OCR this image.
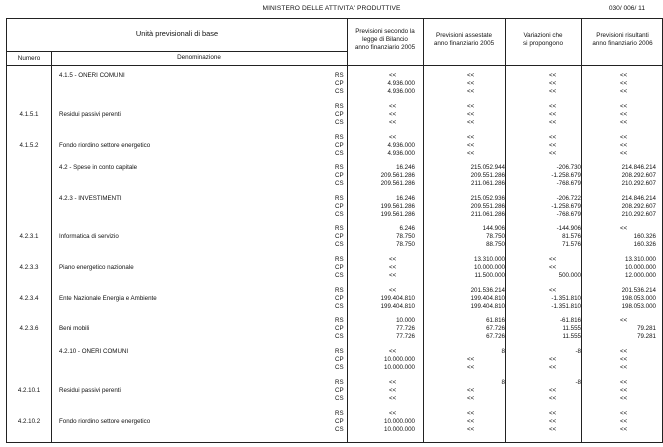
MINISTERO DELLE ATTIVITA' PRODUTTIVE	030/ 006/ 11
Unità previsionali di base
Numero	Denominazione
Previsioni secondo la
legge di Bilancio
anno finanziario 2005
Previsioni assestate
anno finanziario 2005
Variazioni che
si propongono
Previsioni risultanti
anno finanziario 2006
4.1.5 - ONERI COMUNI	RS	<<	<<	<<	<<
CP	4.936.000	<<	<<	<<
CS	4.936.000	<<	<<	<<
4.1.5.1	Residui passivi perenti
RS	<<	<<	<<	<<
CP	<<	<<	<<	<<
CS	<<	<<	<<	<<
4.1.5.2	Fondo riordino settore energetico
RS	<<	<<	<<	<<
CP	4.936.000	<<	<<	<<
CS	4.936.000	<<	<<	<<
4.2 - Spese in conto capitale	RS	16.246	215.052.944	-206.730	214.846.214
CP	209.561.286	209.551.286	-1.258.679	208.292.607
CS	209.561.286	211.061.286	-768.679	210.292.607
4.2.3 - INVESTIMENTI	RS	16.246	215.052.936	-206.722	214.846.214
CP	199.561.286	209.551.286	-1.258.679	208.292.607
CS	199.561.286	211.061.286	-768.679	210.292.607
4.2.3.1	Informatica di servizio
RS	6.246	144.906	-144.906	<<
CP	78.750	78.750	81.576	160.326
CS	78.750	88.750	71.576	160.326
4.2.3.3	Piano energetico nazionale
RS	<<	13.310.000	<<	13.310.000
CP	<<	10.000.000	<<	10.000.000
CS	<<	11.500.000	500.000	12.000.000
4.2.3.4	Ente Nazionale Energia e Ambiente
RS	<<	201.536.214	<<	201.536.214
CP	199.404.810	199.404.810	-1.351.810	198.053.000
CS	199.404.810	199.404.810	-1.351.810	198.053.000
4.2.3.6	Beni mobili
RS	10.000	61.816	-61.816	<<
CP	77.726	67.726	11.555	79.281
CS	77.726	67.726	11.555	79.281
4.2.10 - ONERI COMUNI	RS	<<	8	-8	<<
CP	10.000.000	<<	<<	<<
CS	10.000.000	<<	<<	<<
4.2.10.1	Residui passivi perenti
RS	<<	8	-8	<<
CP	<<	<<	<<	<<
CS	<<	<<	<<	<<
4.2.10.2	Fondo riordino settore energetico
RS	<<	<<	<<	<<
CP	10.000.000	<<	<<	<<
CS	10.000.000	<<	<<	<<
